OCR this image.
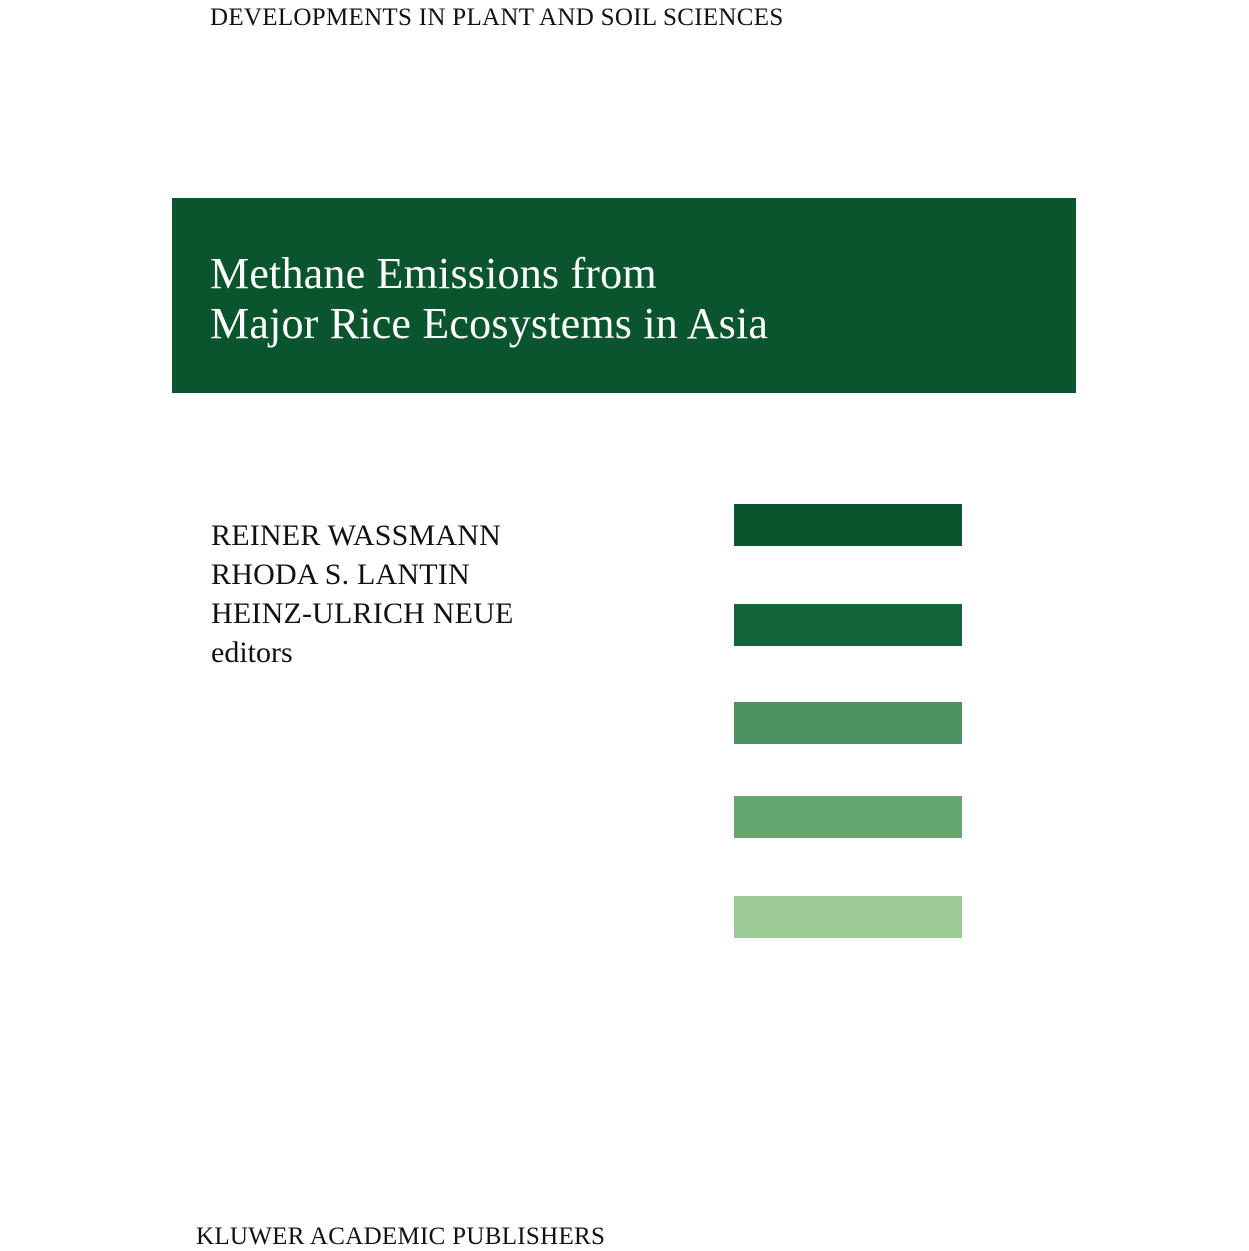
DEVELOPMENTS IN PLANT AND SOIL SCIENCES
Methane Emissions from
Major Rice Ecosystems in Asia
REINER WASSMANN
RHODA S. LANTIN
HEINZ-ULRICH NEUE
editors
KLUWER ACADEMIC PUBLISHERS
